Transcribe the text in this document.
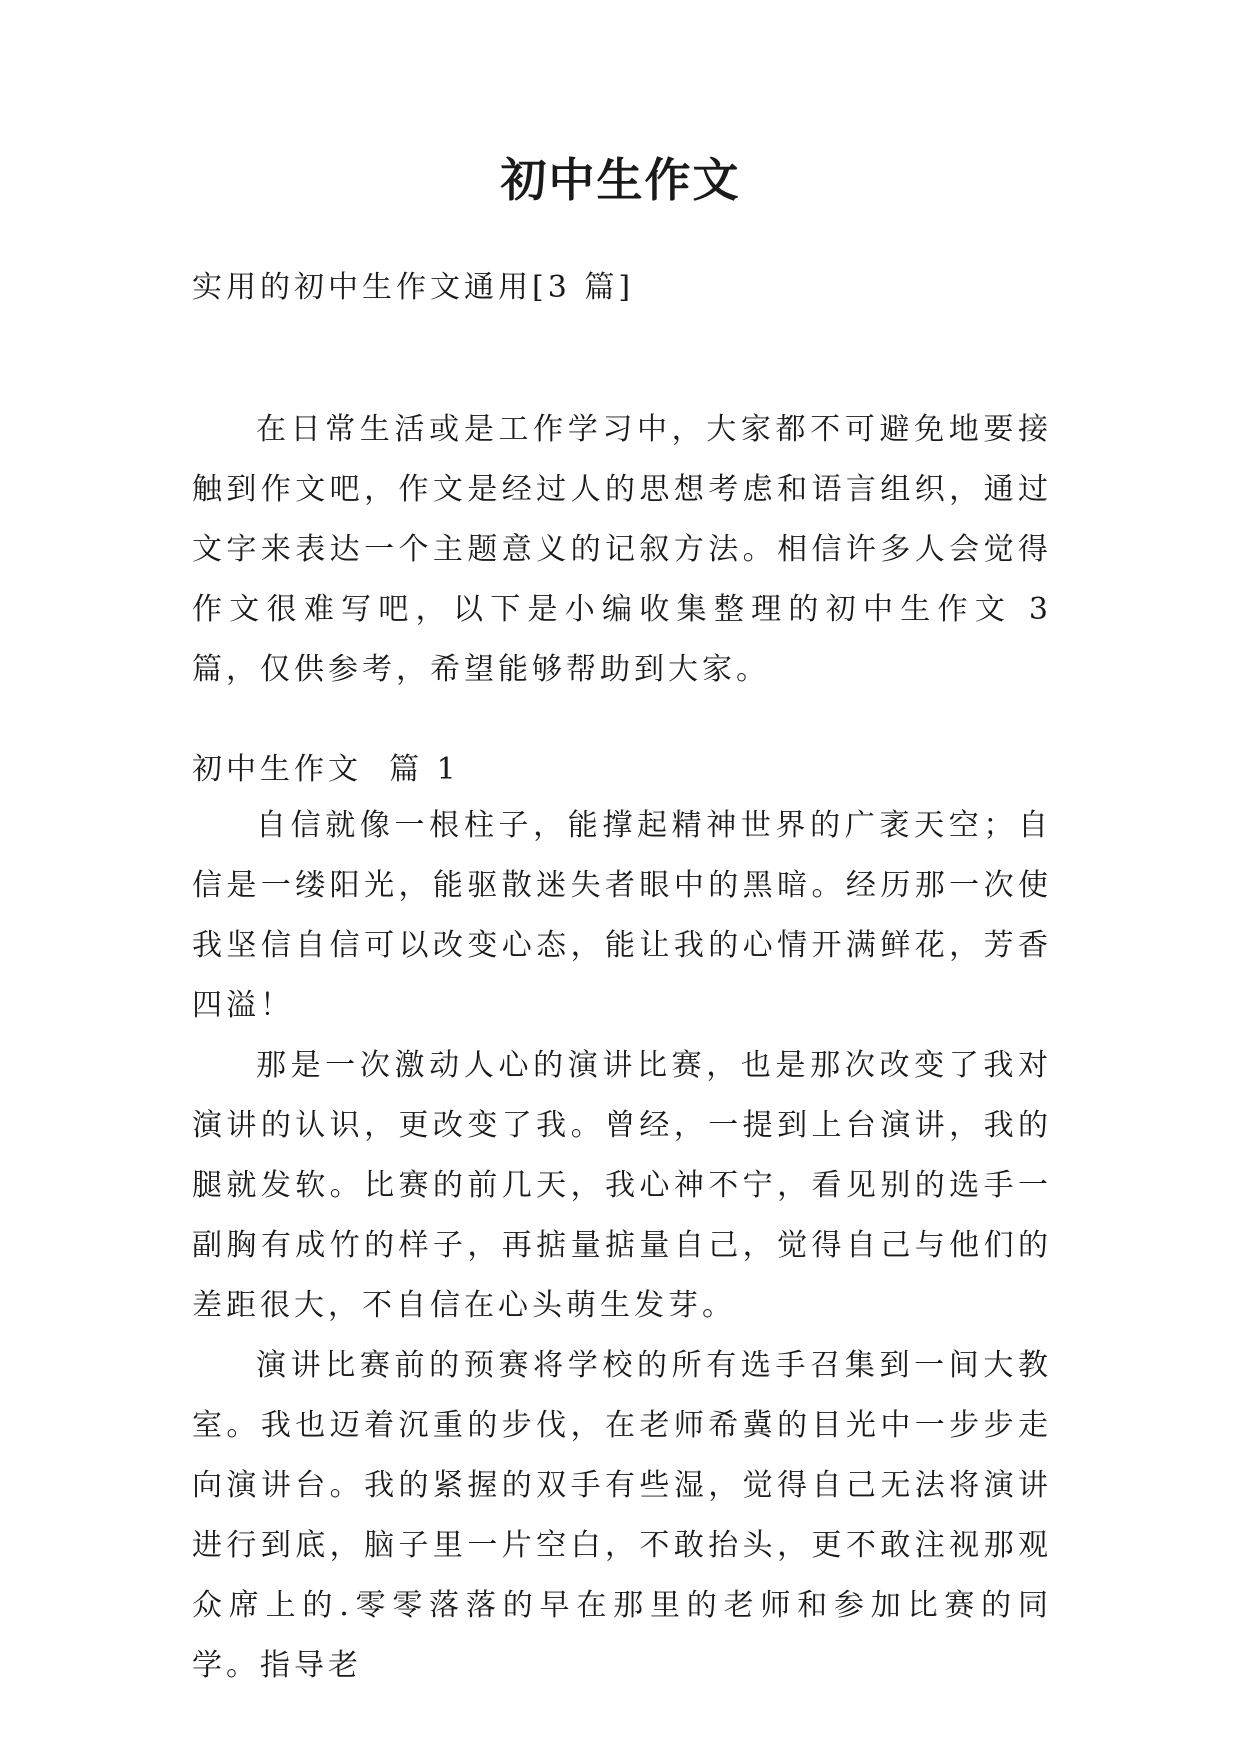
初中生作文

实用的初中生作文通用[3 篇]

在日常生活或是工作学习中，大家都不可避免地要接触到作文吧，作文是经过人的思想考虑和语言组织，通过文字来表达一个主题意义的记叙方法。相信许多人会觉得作文很难写吧，以下是小编收集整理的初中生作文 3 篇，仅供参考，希望能够帮助到大家。

初中生作文  篇 1

自信就像一根柱子，能撑起精神世界的广袤天空；自信是一缕阳光，能驱散迷失者眼中的黑暗。经历那一次使我坚信自信可以改变心态，能让我的心情开满鲜花，芳香四溢！

那是一次激动人心的演讲比赛，也是那次改变了我对演讲的认识，更改变了我。曾经，一提到上台演讲，我的腿就发软。比赛的前几天，我心神不宁，看见别的选手一副胸有成竹的样子，再掂量掂量自己，觉得自己与他们的差距很大，不自信在心头萌生发芽。

演讲比赛前的预赛将学校的所有选手召集到一间大教室。我也迈着沉重的步伐，在老师希冀的目光中一步步走向演讲台。我的紧握的双手有些湿，觉得自己无法将演讲进行到底，脑子里一片空白，不敢抬头，更不敢注视那观众席上的.零零落落的早在那里的老师和参加比赛的同学。指导老
